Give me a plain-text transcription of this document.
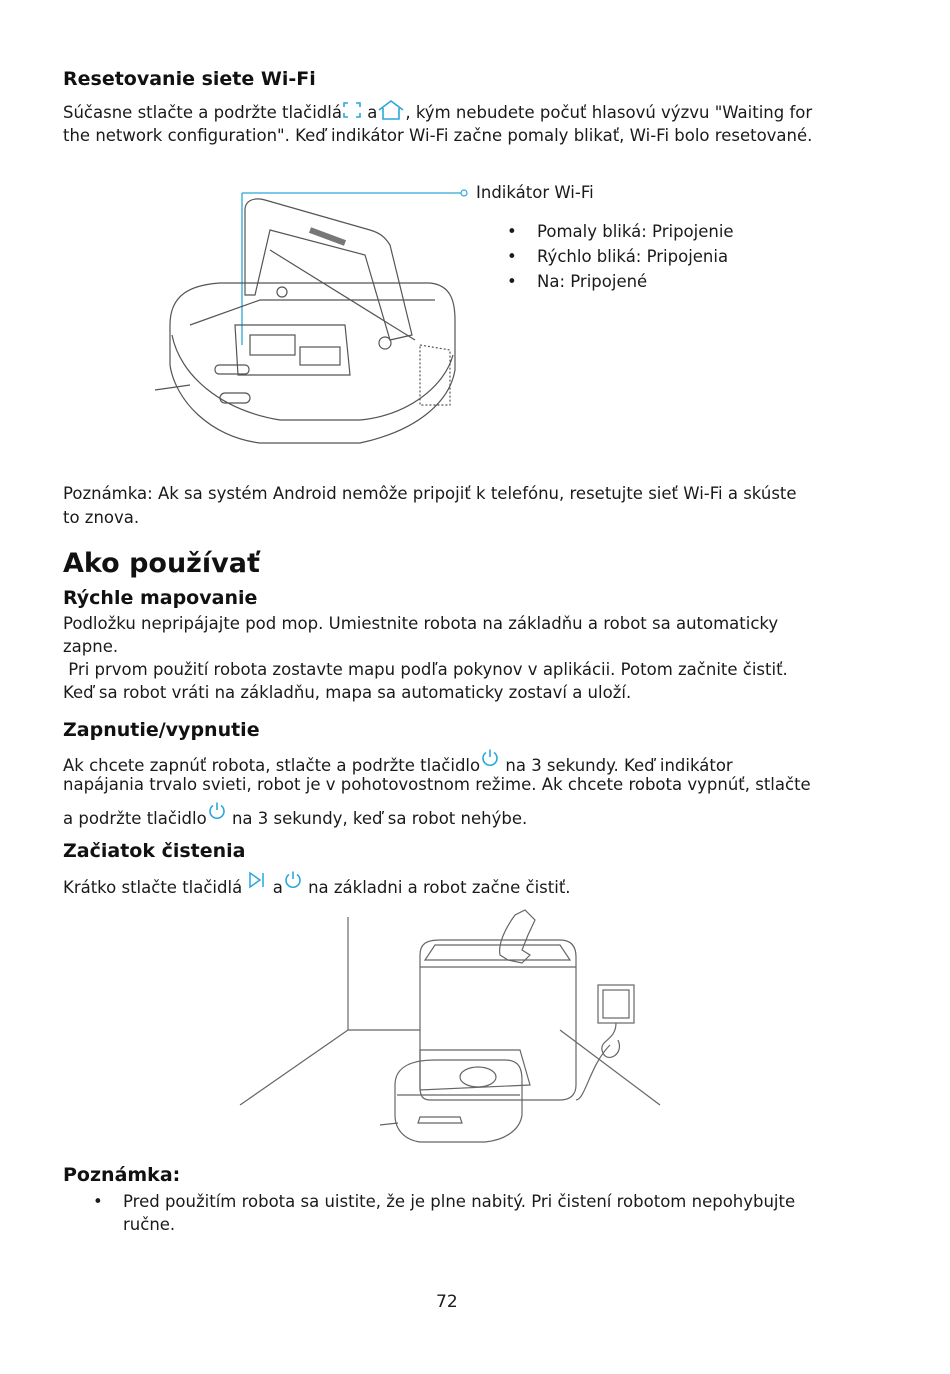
Resetovanie siete Wi-Fi
Súčasne stlačte a podržte tlačidlá a , kým nebudete počuť hlasovú výzvu "Waiting for
the network configuration". Keď indikátor Wi-Fi začne pomaly blikať, Wi-Fi bolo resetované.
Indikátor Wi-Fi
• Pomaly bliká: Pripojenie
• Rýchlo bliká: Pripojenia
• Na: Pripojené
Poznámka: Ak sa systém Android nemôže pripojiť k telefónu, resetujte sieť Wi-Fi a skúste
to znova.
Ako používať
Rýchle mapovanie
Podložku nepripájajte pod mop. Umiestnite robota na základňu a robot sa automaticky
zapne.
Pri prvom použití robota zostavte mapu podľa pokynov v aplikácii. Potom začnite čistiť.
Keď sa robot vráti na základňu, mapa sa automaticky zostaví a uloží.
Zapnutie/vypnutie
Ak chcete zapnúť robota, stlačte a podržte tlačidlo na 3 sekundy. Keď indikátor
napájania trvalo svieti, robot je v pohotovostnom režime. Ak chcete robota vypnúť, stlačte
a podržte tlačidlo na 3 sekundy, keď sa robot nehýbe.
Začiatok čistenia
Krátko stlačte tlačidlá a na základni a robot začne čistiť.
Poznámka:
• Pred použitím robota sa uistite, že je plne nabitý. Pri čistení robotom nepohybujte
ručne.
72
